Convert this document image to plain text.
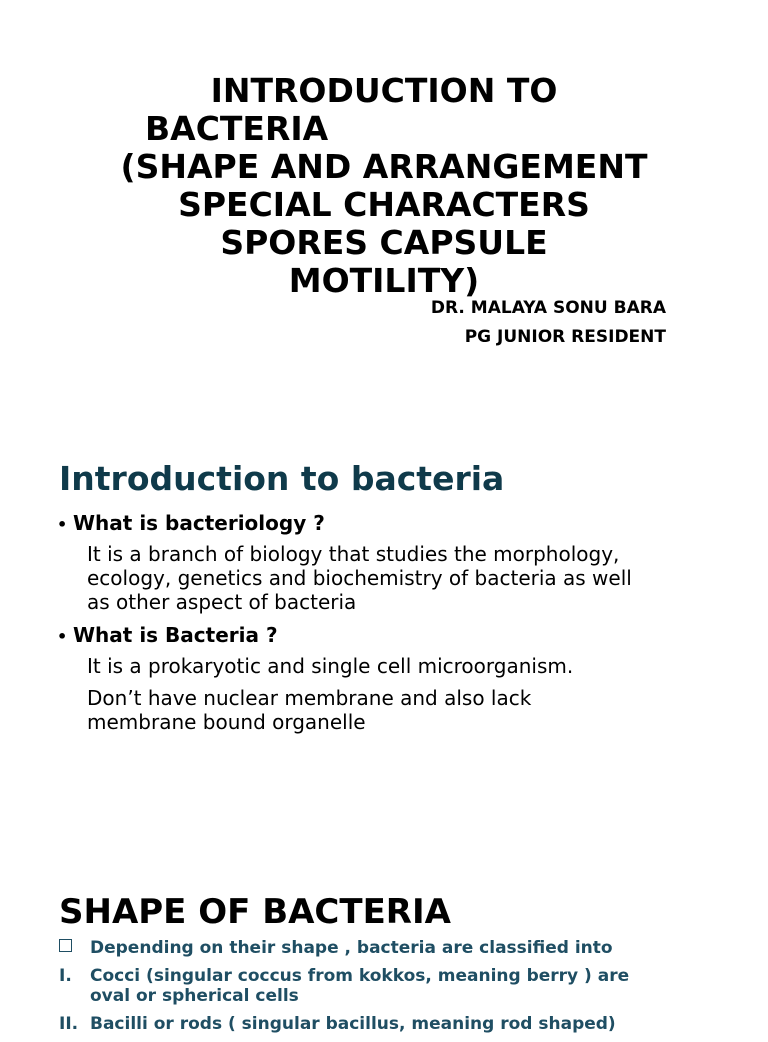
INTRODUCTION TO
BACTERIA
(SHAPE AND ARRANGEMENT
SPECIAL CHARACTERS
SPORES CAPSULE
MOTILITY)
DR. MALAYA SONU BARA
PG JUNIOR RESIDENT
Introduction to bacteria
• What is bacteriology ?
It is a branch of biology that studies the morphology,
ecology, genetics and biochemistry of bacteria as well
as other aspect of bacteria
• What is Bacteria ?
It is a prokaryotic and single cell microorganism.
Don’t have nuclear membrane and also lack
membrane bound organelle
SHAPE OF BACTERIA
Depending on their shape , bacteria are classified into
I.	Cocci (singular coccus from kokkos, meaning berry ) are
oval or spherical cells
II. Bacilli or rods ( singular bacillus, meaning rod shaped)
